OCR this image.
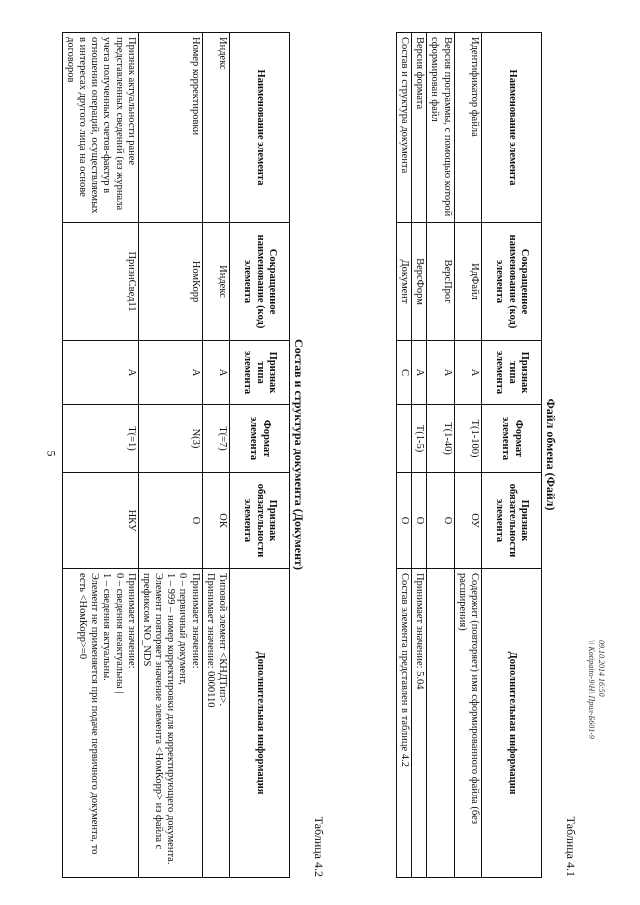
5
09.10.2014 16:50
\\ Kotipaito-9\H\ Прил-Б601-9
Таблица 4.1
Файл обмена (Файл)
Наименование элемента	Сокращенное наименование (код) элемента	Признак типа элемента	Формат элемента	Признак обязательности элемента	Дополнительная информация
Идентификатор файла	ИдФайл	А	Т(1-100)	ОУ	Содержит (повторяет) имя сформированного файла (без расширения)

Версия программы, с помощью которой сформирован файл	ВерсПрог	А	Т(1-40)	О	

Версия формата	ВерсФорм	А	Т(1-5)	О	Принимает значение: 5.04

Состав и структура документа	Документ	С		О	Состав элемента представлен в таблице 4.2
Таблица 4.2
Состав и структура документа (Документ)
Наименование элемента	Сокращенное наименование (код) элемента	Признак типа элемента	Формат элемента	Признак обязательности элемента	Дополнительная информация
Индекс	Индекс	А	Т(=7)	ОК	Типовой элемент <КНДТип>.
Принимает значение: 0000110

Номер корректировки	НомКорр	А	N(3)	О	Принимает значение:
0 – первичный документ,
1 – 999 – номер корректировки для корректирующего документа.
Элемент повторяет значение элемента <НомКорр> из файла с префиксом NO_NDS

Признак актуальности ранее представленных сведений (из журнала учета полученных счетов-фактур в отношении операций, осуществляемых в интересах другого лица на основе договоров	ПризнСвед11	А	Т(=1)	НКУ	Принимает значение:
0 – сведения неактуальны |
1 – сведения актуальны.
Элемент не применяется при подаче первичного документа, то есть <НомКорр>=0
